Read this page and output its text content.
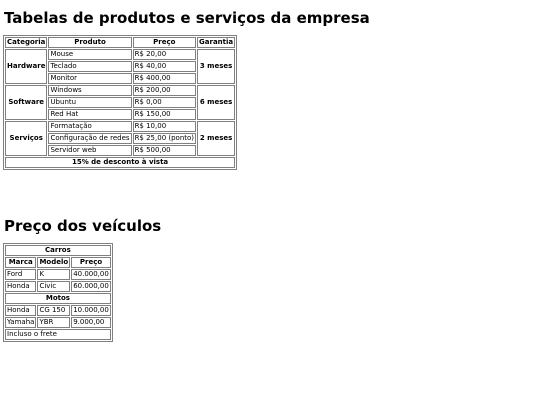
Tabelas de produtos e serviços da empresa
Categoria	Produto	Preço	Garantia
Hardware	Mouse	R$ 20,00	3 meses
	Teclado	R$ 40,00	
	Monitor	R$ 400,00	
Software	Windows	R$ 200,00	6 meses
	Ubuntu	R$ 0,00	
	Red Hat	R$ 150,00	
Serviços	Formatação	R$ 10,00	2 meses
	Configuração de redes	R$ 25,00 (ponto)	
	Servidor web	R$ 500,00	
15% de desconto à vista			
Preço dos veículos
Carros		
Marca	Modelo	Preço
Ford	K	40.000,00
Honda	Civic	60.000,00
Motos		
Honda	CG 150	10.000,00
Yamaha	YBR	9.000,00
Incluso o frete		
